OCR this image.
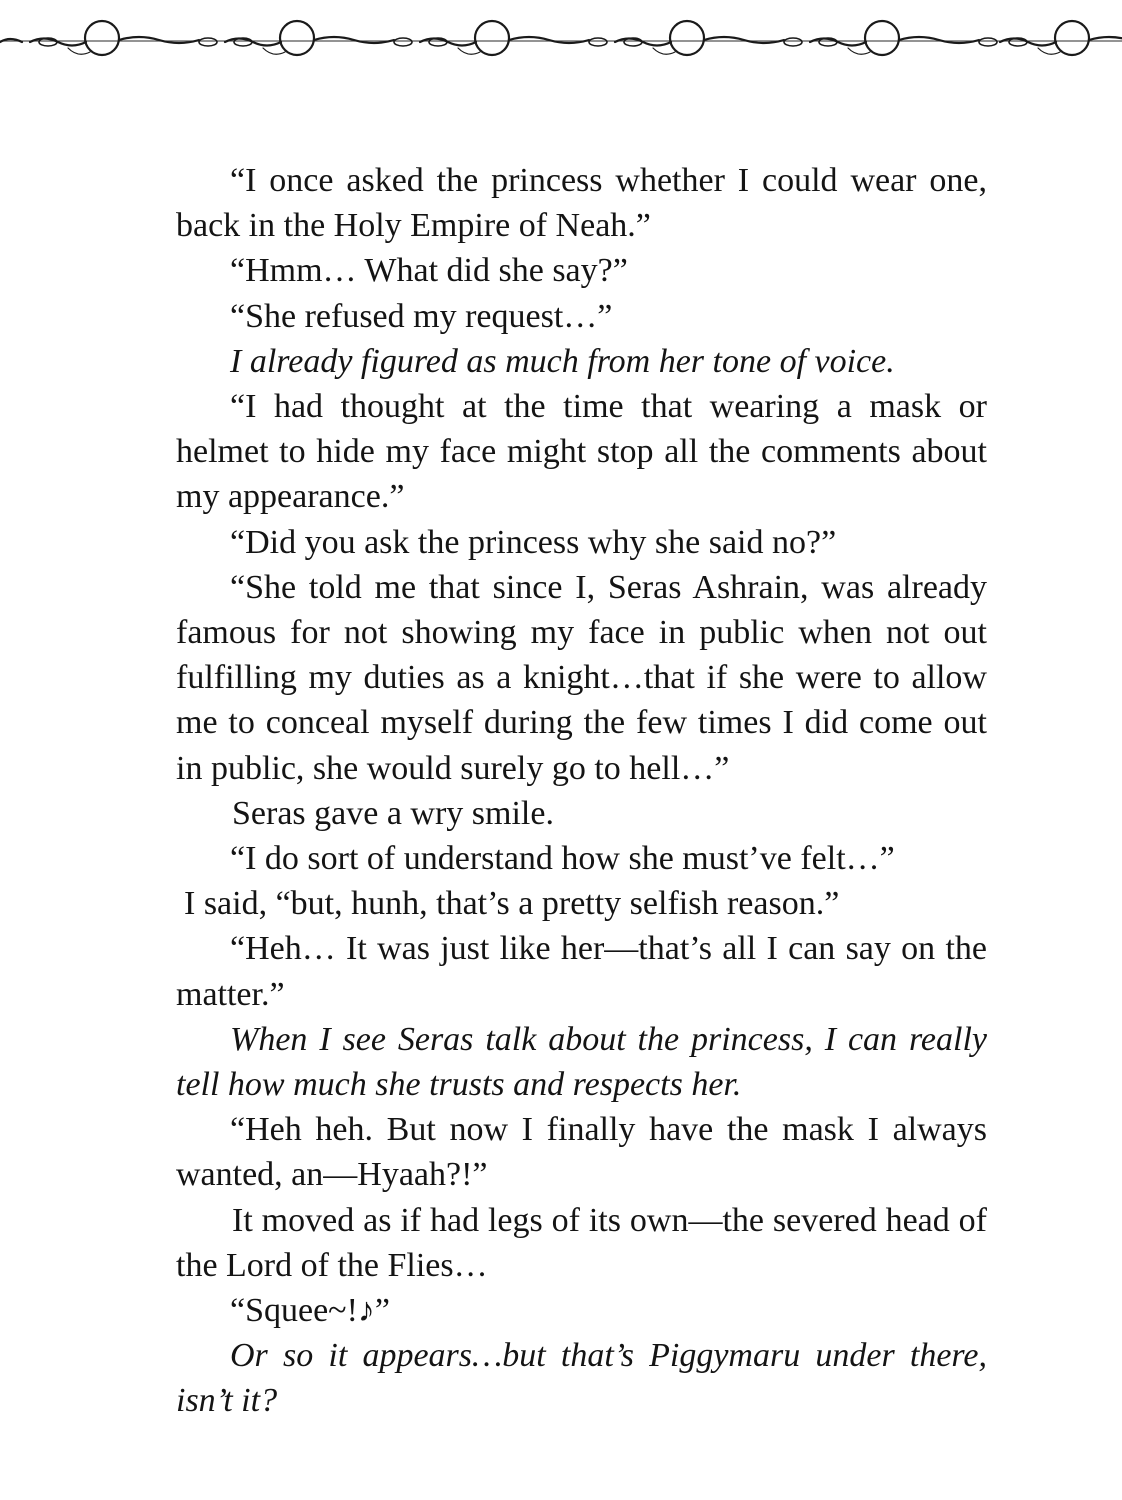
“I once asked the princess whether I could wear one, back in the Holy Empire of Neah.”

“Hmm… What did she say?”

“She refused my request…”

I already figured as much from her tone of voice.

“I had thought at the time that wearing a mask or helmet to hide my face might stop all the comments about my appearance.”

“Did you ask the princess why she said no?”

“She told me that since I, Seras Ashrain, was already famous for not showing my face in public when not out fulfilling my duties as a knight…that if she were to allow me to conceal myself during the few times I did come out in public, she would surely go to hell…”

Seras gave a wry smile.

“I do sort of understand how she must’ve felt…”

I said, “but, hunh, that’s a pretty selfish reason.”

“Heh… It was just like her—that’s all I can say on the matter.”

When I see Seras talk about the princess, I can really tell how much she trusts and respects her.

“Heh heh. But now I finally have the mask I always wanted, an—Hyaah?!”

It moved as if had legs of its own—the severed head of the Lord of the Flies…

“Squee~!♪”

Or so it appears…but that’s Piggymaru under there, isn’t it?
